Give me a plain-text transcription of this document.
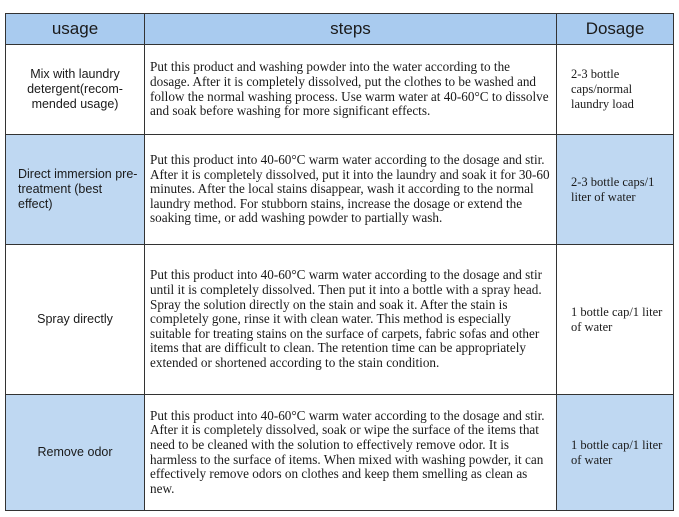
usage	steps	Dosage
Mix with laundry detergent(recom-mended usage)	Put this product and washing powder into the water according to the dosage. After it is completely dissolved, put the clothes to be washed and follow the normal washing process. Use warm water at 40-60°C to dissolve and soak before washing for more significant effects.	2-3 bottle caps/normal laundry load
Direct immersion pre-treatment (best effect)	Put this product into 40-60°C warm water according to the dosage and stir. After it is completely dissolved, put it into the laundry and soak it for 30-60 minutes. After the local stains disappear, wash it according to the normal laundry method. For stubborn stains, increase the dosage or extend the soaking time, or add washing powder to partially wash.	2-3 bottle caps/1 liter of water
Spray directly	Put this product into 40-60°C warm water according to the dosage and stir until it is completely dissolved. Then put it into a bottle with a spray head. Spray the solution directly on the stain and soak it. After the stain is completely gone, rinse it with clean water. This method is especially suitable for treating stains on the surface of carpets, fabric sofas and other items that are difficult to clean. The retention time can be appropriately extended or shortened according to the stain condition.	1 bottle cap/1 liter of water
Remove odor	Put this product into 40-60°C warm water according to the dosage and stir. After it is completely dissolved, soak or wipe the surface of the items that need to be cleaned with the solution to effectively remove odor. It is harmless to the surface of items. When mixed with washing powder, it can effectively remove odors on clothes and keep them smelling as clean as new.	1 bottle cap/1 liter of water
